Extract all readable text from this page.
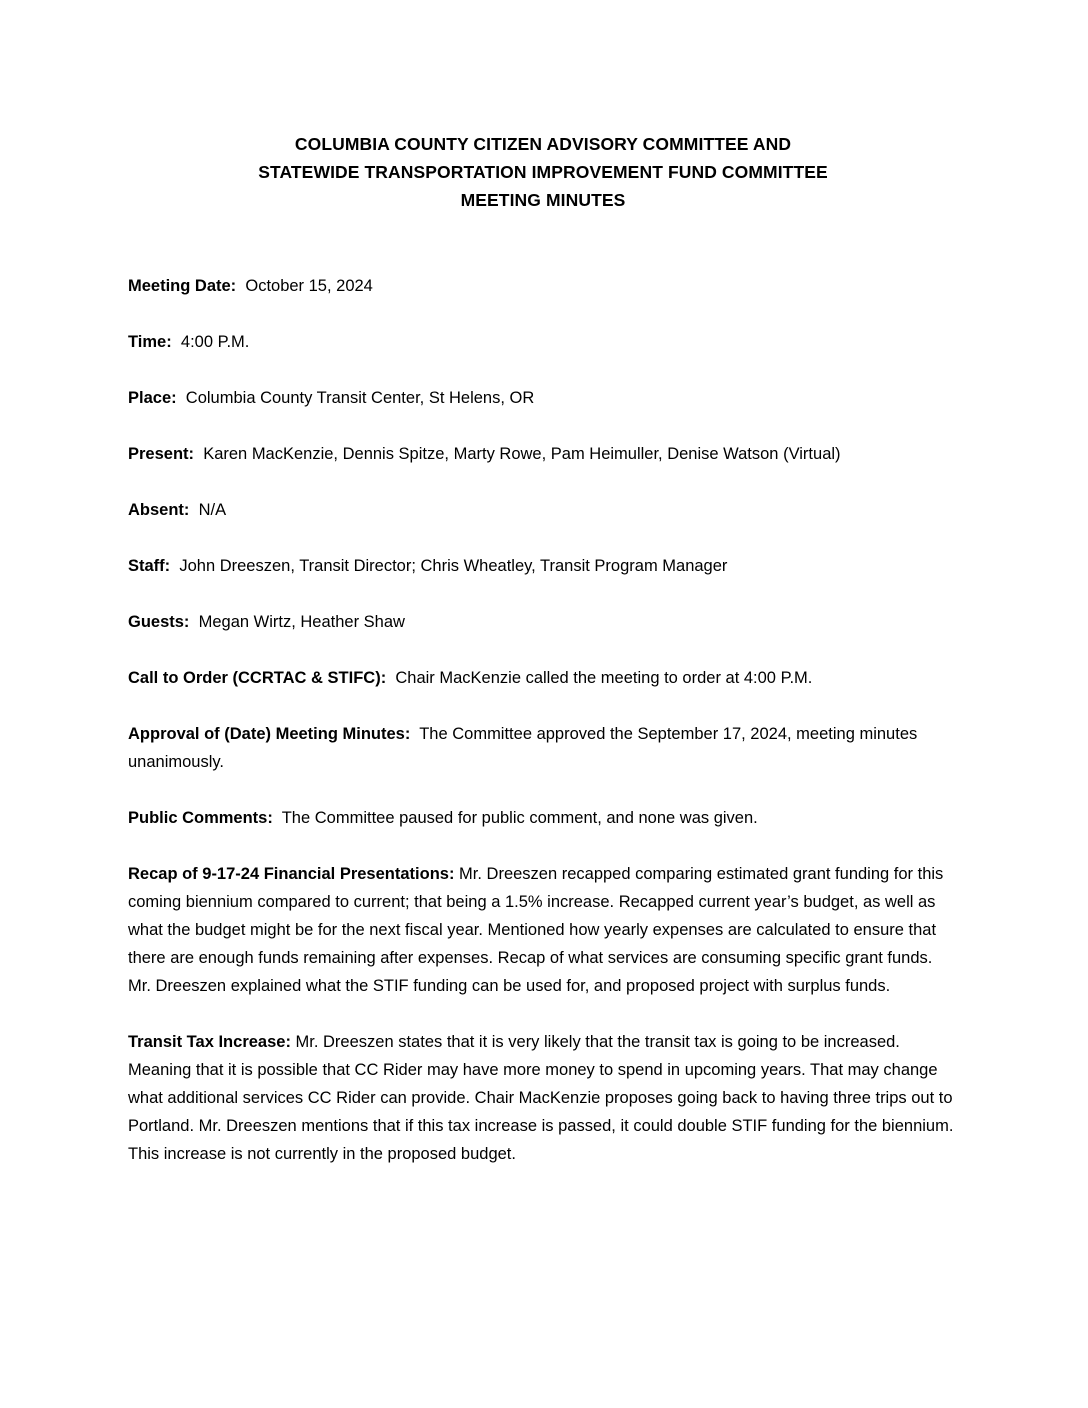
COLUMBIA COUNTY CITIZEN ADVISORY COMMITTEE AND
STATEWIDE TRANSPORTATION IMPROVEMENT FUND COMMITTEE
MEETING MINUTES

Meeting Date:  October 15, 2024

Time:  4:00 P.M.

Place:  Columbia County Transit Center, St Helens, OR

Present:  Karen MacKenzie, Dennis Spitze, Marty Rowe, Pam Heimuller, Denise Watson (Virtual)

Absent:  N/A

Staff:  John Dreeszen, Transit Director; Chris Wheatley, Transit Program Manager

Guests:  Megan Wirtz, Heather Shaw

Call to Order (CCRTAC & STIFC):  Chair MacKenzie called the meeting to order at 4:00 P.M.

Approval of (Date) Meeting Minutes:  The Committee approved the September 17, 2024, meeting minutes unanimously.

Public Comments:  The Committee paused for public comment, and none was given.

Recap of 9-17-24 Financial Presentations: Mr. Dreeszen recapped comparing estimated grant funding for this coming biennium compared to current; that being a 1.5% increase. Recapped current year’s budget, as well as what the budget might be for the next fiscal year. Mentioned how yearly expenses are calculated to ensure that there are enough funds remaining after expenses. Recap of what services are consuming specific grant funds. Mr. Dreeszen explained what the STIF funding can be used for, and proposed project with surplus funds.

Transit Tax Increase: Mr. Dreeszen states that it is very likely that the transit tax is going to be increased. Meaning that it is possible that CC Rider may have more money to spend in upcoming years. That may change what additional services CC Rider can provide. Chair MacKenzie proposes going back to having three trips out to Portland. Mr. Dreeszen mentions that if this tax increase is passed, it could double STIF funding for the biennium. This increase is not currently in the proposed budget.
